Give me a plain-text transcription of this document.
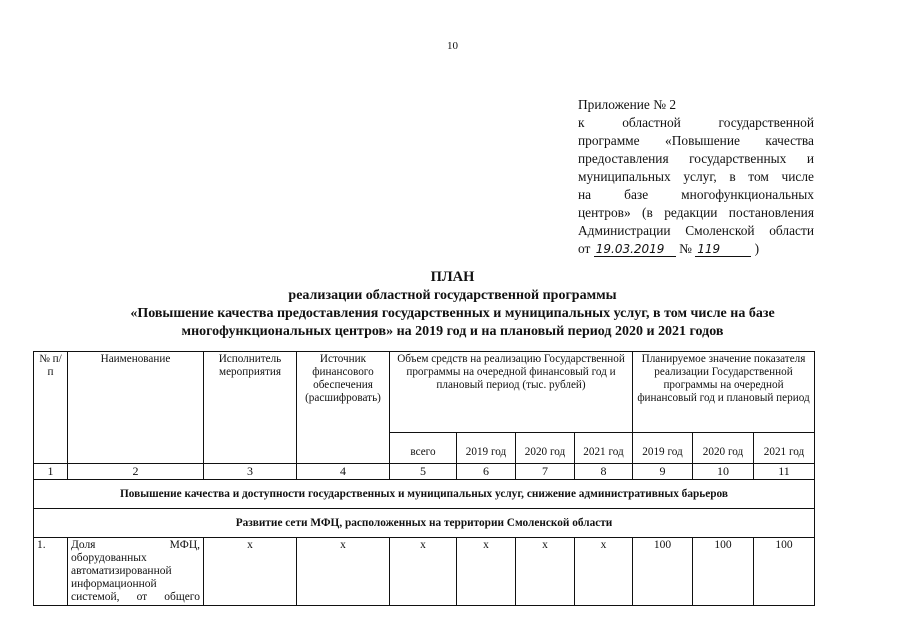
10
Приложение № 2
к областной государственной
программе «Повышение качества
предоставления государственных и
муниципальных услуг, в том числе
на базе многофункциональных
центров» (в редакции постановления
Администрации Смоленской области
от 19.03.2019 № 119	)
ПЛАН
реализации областной государственной программы
«Повышение качества предоставления государственных и муниципальных услуг, в том числе на базе
многофункциональных центров» на 2019 год и на плановый период 2020 и 2021 годов
№ п/п	Наименование	Исполнитель мероприятия	Источник финансового обеспечения (расшифровать)	Объем средств на реализацию Государственной программы на очередной финансовый год и плановый период (тыс. рублей)				Планируемое значение показателя реализации Государственной программы на очередной финансовый год и плановый период		
				всего	2019 год	2020 год	2021 год	2019 год	2020 год	2021 год
1	2	3	4	5	6	7	8	9	10	11
Повышение качества и доступности государственных и муниципальных услуг, снижение административных барьеров										
Развитие сети МФЦ, расположенных на территории Смоленской области										
1.	Доля МФЦ,
оборудованных
автоматизированной
информационной
системой, от общего	x	x	x	x	x	x	100	100	100
